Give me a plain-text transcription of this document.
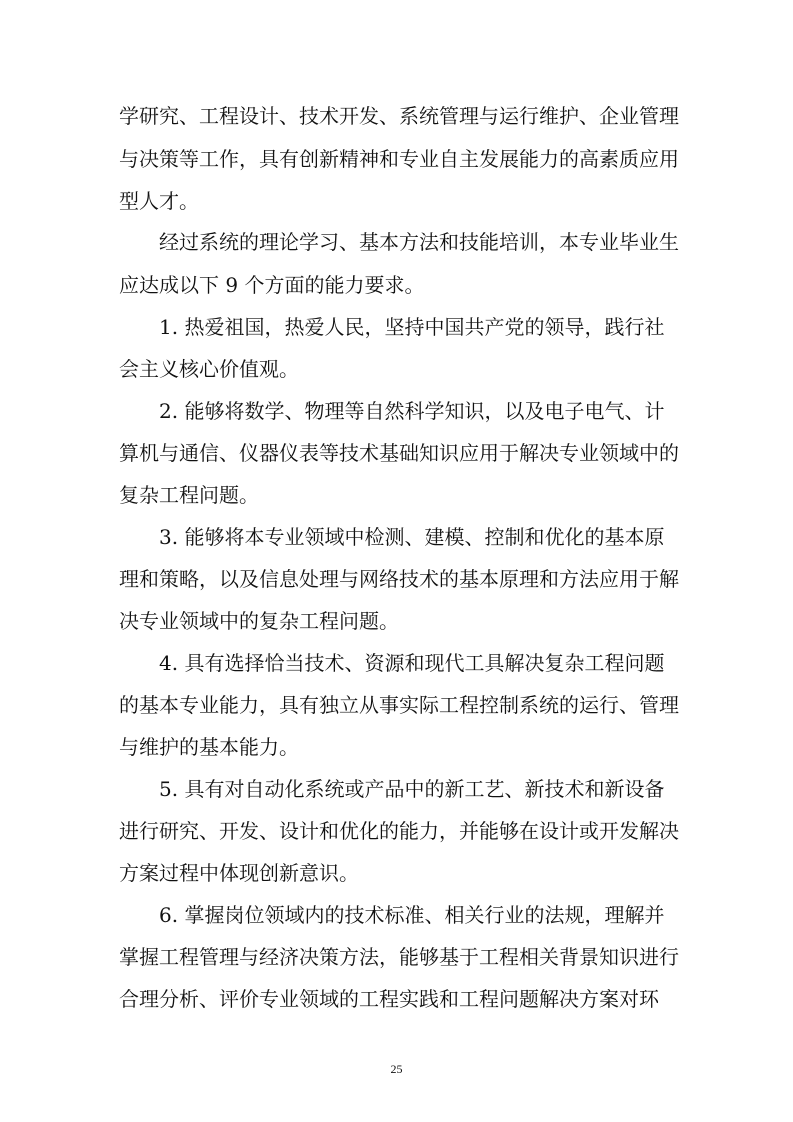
学研究、工程设计、技术开发、系统管理与运行维护、企业管理
与决策等工作，具有创新精神和专业自主发展能力的高素质应用
型人才。
经过系统的理论学习、基本方法和技能培训，本专业毕业生
应达成以下 9 个方面的能力要求。
1. 热爱祖国，热爱人民，坚持中国共产党的领导，践行社
会主义核心价值观。
2. 能够将数学、物理等自然科学知识，以及电子电气、计
算机与通信、仪器仪表等技术基础知识应用于解决专业领域中的
复杂工程问题。
3. 能够将本专业领域中检测、建模、控制和优化的基本原
理和策略，以及信息处理与网络技术的基本原理和方法应用于解
决专业领域中的复杂工程问题。
4. 具有选择恰当技术、资源和现代工具解决复杂工程问题
的基本专业能力，具有独立从事实际工程控制系统的运行、管理
与维护的基本能力。
5. 具有对自动化系统或产品中的新工艺、新技术和新设备
进行研究、开发、设计和优化的能力，并能够在设计或开发解决
方案过程中体现创新意识。
6. 掌握岗位领域内的技术标准、相关行业的法规，理解并
掌握工程管理与经济决策方法，能够基于工程相关背景知识进行
合理分析、评价专业领域的工程实践和工程问题解决方案对环
25
